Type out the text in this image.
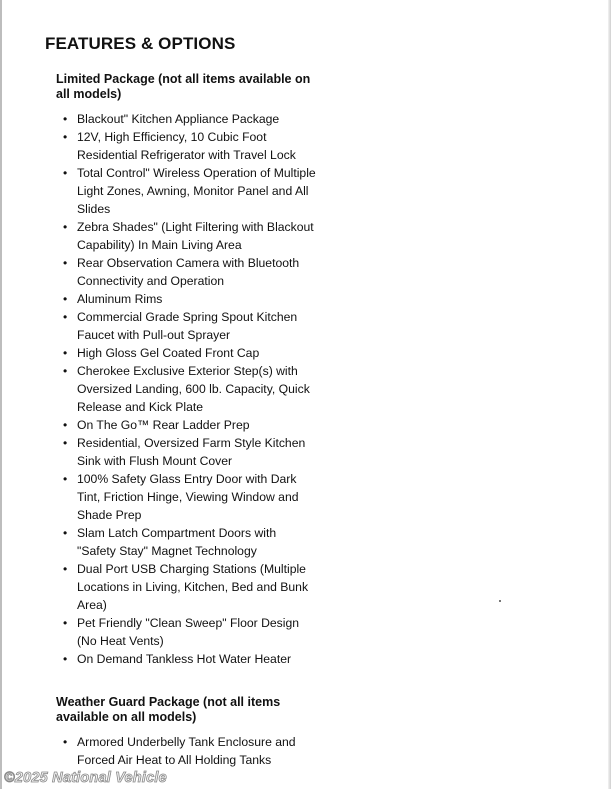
FEATURES & OPTIONS
Limited Package (not all items available on all models)
• Blackout" Kitchen Appliance Package
• 12V, High Efficiency, 10 Cubic Foot Residential Refrigerator with Travel Lock
• Total Control" Wireless Operation of Multiple Light Zones, Awning, Monitor Panel and All Slides
• Zebra Shades" (Light Filtering with Blackout Capability) In Main Living Area
• Rear Observation Camera with Bluetooth Connectivity and Operation
• Aluminum Rims
• Commercial Grade Spring Spout Kitchen Faucet with Pull-out Sprayer
• High Gloss Gel Coated Front Cap
• Cherokee Exclusive Exterior Step(s) with Oversized Landing, 600 lb. Capacity, Quick Release and Kick Plate
• On The Go™ Rear Ladder Prep
• Residential, Oversized Farm Style Kitchen Sink with Flush Mount Cover
• 100% Safety Glass Entry Door with Dark Tint, Friction Hinge, Viewing Window and Shade Prep
• Slam Latch Compartment Doors with "Safety Stay" Magnet Technology
• Dual Port USB Charging Stations (Multiple Locations in Living, Kitchen, Bed and Bunk Area)
• Pet Friendly "Clean Sweep" Floor Design (No Heat Vents)
• On Demand Tankless Hot Water Heater
Weather Guard Package (not all items available on all models)
• Armored Underbelly Tank Enclosure and Forced Air Heat to All Holding Tanks
©2025 National Vehicle
